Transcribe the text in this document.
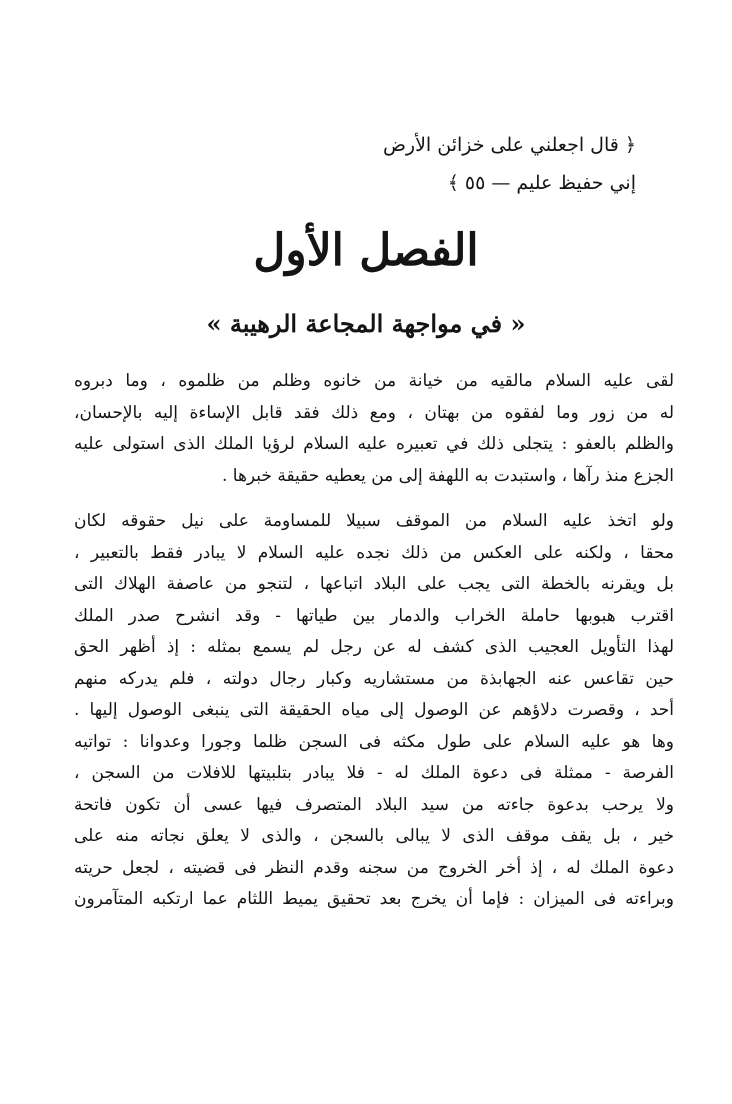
﴿ قال اجعلني على خزائن الأرض
إني حفيظ عليم — ٥٥ ﴾
الفصل الأول
« في مواجهة المجاعة الرهيبة »

لقى عليه السلام مالقيه من خيانة من خانوه وظلم من ظلموه ، وما دبروه
له من زور وما لفقوه من بهتان ، ومع ذلك فقد قابل الإساءة إليه بالإحسان،
والظلم بالعفو : يتجلى ذلك في تعبيره عليه السلام لرؤيا الملك الذى استولى عليه
الجزع منذ رآها ، واستبدت به اللهفة إلى من يعطيه حقيقة خبرها .

ولو اتخذ عليه السلام من الموقف سبيلا للمساومة على نيل حقوقه لكان
محقا ، ولكنه على العكس من ذلك نجده عليه السلام لا يبادر فقط بالتعبير ،
بل ويقرنه بالخطة التى يجب على البلاد اتباعها ، لتنجو من عاصفة الهلاك التى
اقترب هبوبها حاملة الخراب والدمار بين طياتها - وقد انشرح صدر الملك
لهذا التأويل العجيب الذى كشف له عن رجل لم يسمع بمثله : إذ أظهر الحق
حين تقاعس عنه الجهابذة من مستشاريه وكبار رجال دولته ، فلم يدركه منهم
أحد ، وقصرت دلاؤهم عن الوصول إلى مياه الحقيقة التى ينبغى الوصول إليها .
وها هو عليه السلام على طول مكثه فى السجن ظلما وجورا وعدوانا : تواتيه
الفرصة - ممثلة فى دعوة الملك له - فلا يبادر بتلبيتها للافلات من السجن ،
ولا يرحب بدعوة جاءته من سيد البلاد المتصرف فيها عسى أن تكون فاتحة
خير ، بل يقف موقف الذى لا يبالى بالسجن ، والذى لا يعلق نجاته منه على
دعوة الملك له ، إذ أخر الخروج من سجنه وقدم النظر فى قضيته ، لجعل حريته
وبراءته فى الميزان : فإما أن يخرج بعد تحقيق يميط اللثام عما ارتكبه المتآمرون
